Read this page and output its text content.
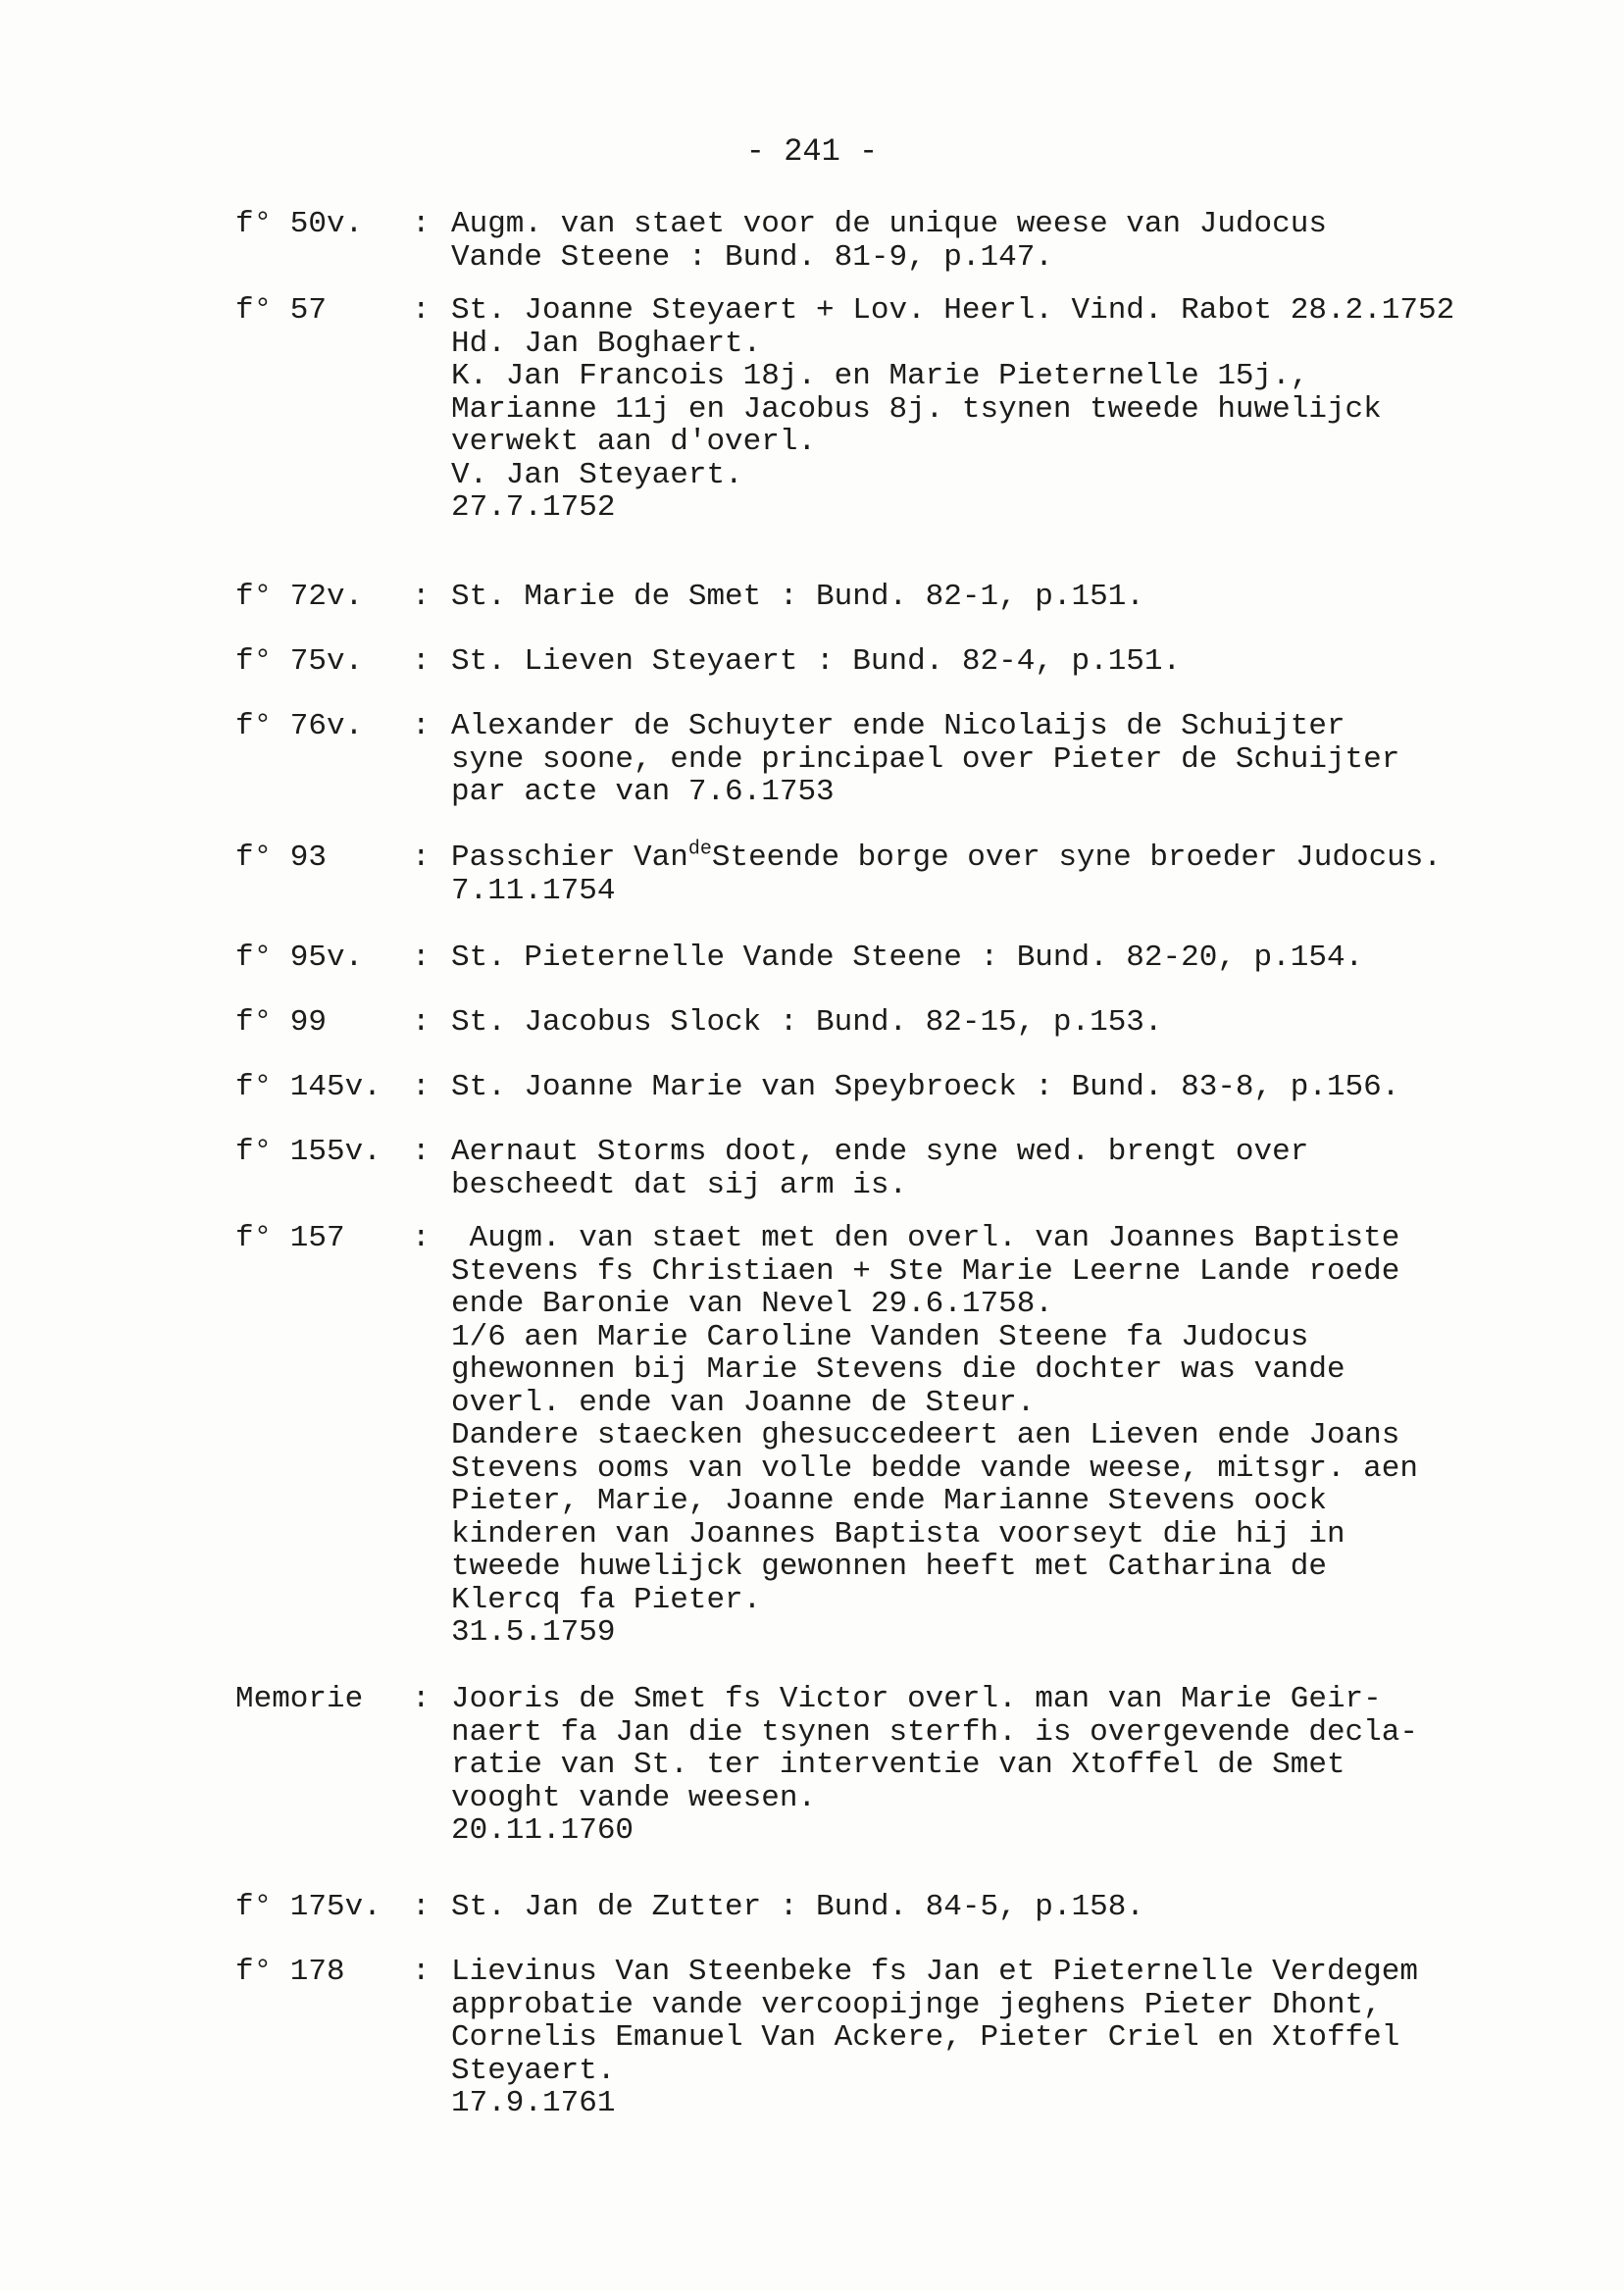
- 241 -
f° 50v.	: Augm. van staet voor de unique weese van Judocus
Vande Steene : Bund. 81-9, p.147.
f° 57	: St. Joanne Steyaert + Lov. Heerl. Vind. Rabot 28.2.1752
Hd. Jan Boghaert.
K. Jan Francois 18j. en Marie Pieternelle 15j.,
Marianne 11j en Jacobus 8j. tsynen tweede huwelijck
verwekt aan d'overl.
V. Jan Steyaert.
27.7.1752
f° 72v.	: St. Marie de Smet : Bund. 82-1, p.151.
f° 75v.	: St. Lieven Steyaert : Bund. 82-4, p.151.
f° 76v.	: Alexander de Schuyter ende Nicolaijs de Schuijter
syne soone, ende principael over Pieter de Schuijter
par acte van 7.6.1753
f° 93	: Passchier Van$^{de}$Steende borge over syne broeder Judocus.
7.11.1754
f° 95v.	: St. Pieternelle Vande Steene : Bund. 82-20, p.154.
f° 99	: St. Jacobus Slock : Bund. 82-15, p.153.
f° 145v.	: St. Joanne Marie van Speybroeck : Bund. 83-8, p.156.
f° 155v.	: Aernaut Storms doot, ende syne wed. brengt over
bescheedt dat sij arm is.
f° 157	: Augm. van staet met den overl. van Joannes Baptiste
Stevens fs Christiaen + Ste Marie Leerne Lande roede
ende Baronie van Nevel 29.6.1758.
1/6 aen Marie Caroline Vanden Steene fa Judocus
ghewonnen bij Marie Stevens die dochter was vande
overl. ende van Joanne de Steur.
Dandere staecken ghesuccedeert aen Lieven ende Joans
Stevens ooms van volle bedde vande weese, mitsgr. aen
Pieter, Marie, Joanne ende Marianne Stevens oock
kinderen van Joannes Baptista voorseyt die hij in
tweede huwelijck gewonnen heeft met Catharina de
Klercq fa Pieter.
31.5.1759
Memorie	: Jooris de Smet fs Victor overl. man van Marie Geir-
naert fa Jan die tsynen sterfh. is overgevende decla-
ratie van St. ter interventie van Xtoffel de Smet
vooght vande weesen.
20.11.1760
f° 175v.	: St. Jan de Zutter : Bund. 84-5, p.158.
f° 178	: Lievinus Van Steenbeke fs Jan et Pieternelle Verdegem
approbatie vande vercoopijnge jeghens Pieter Dhont,
Cornelis Emanuel Van Ackere, Pieter Criel en Xtoffel
Steyaert.
17.9.1761
